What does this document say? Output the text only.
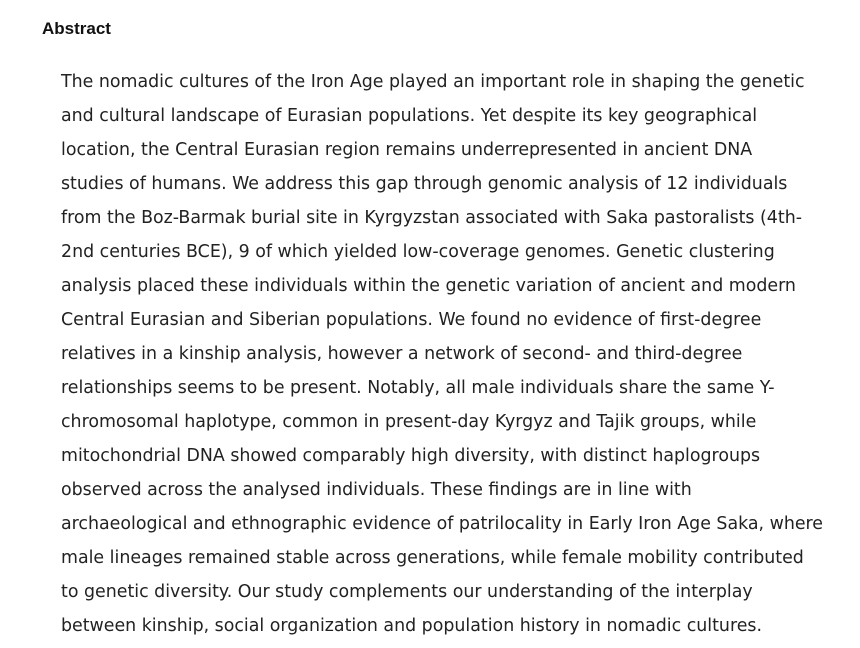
Abstract
The nomadic cultures of the Iron Age played an important role in shaping the genetic
and cultural landscape of Eurasian populations. Yet despite its key geographical
location, the Central Eurasian region remains underrepresented in ancient DNA
studies of humans. We address this gap through genomic analysis of 12 individuals
from the Boz-Barmak burial site in Kyrgyzstan associated with Saka pastoralists (4th-
2nd centuries BCE), 9 of which yielded low-coverage genomes. Genetic clustering
analysis placed these individuals within the genetic variation of ancient and modern
Central Eurasian and Siberian populations. We found no evidence of first-degree
relatives in a kinship analysis, however a network of second- and third-degree
relationships seems to be present. Notably, all male individuals share the same Y-
chromosomal haplotype, common in present-day Kyrgyz and Tajik groups, while
mitochondrial DNA showed comparably high diversity, with distinct haplogroups
observed across the analysed individuals. These findings are in line with
archaeological and ethnographic evidence of patrilocality in Early Iron Age Saka, where
male lineages remained stable across generations, while female mobility contributed
to genetic diversity. Our study complements our understanding of the interplay
between kinship, social organization and population history in nomadic cultures.
